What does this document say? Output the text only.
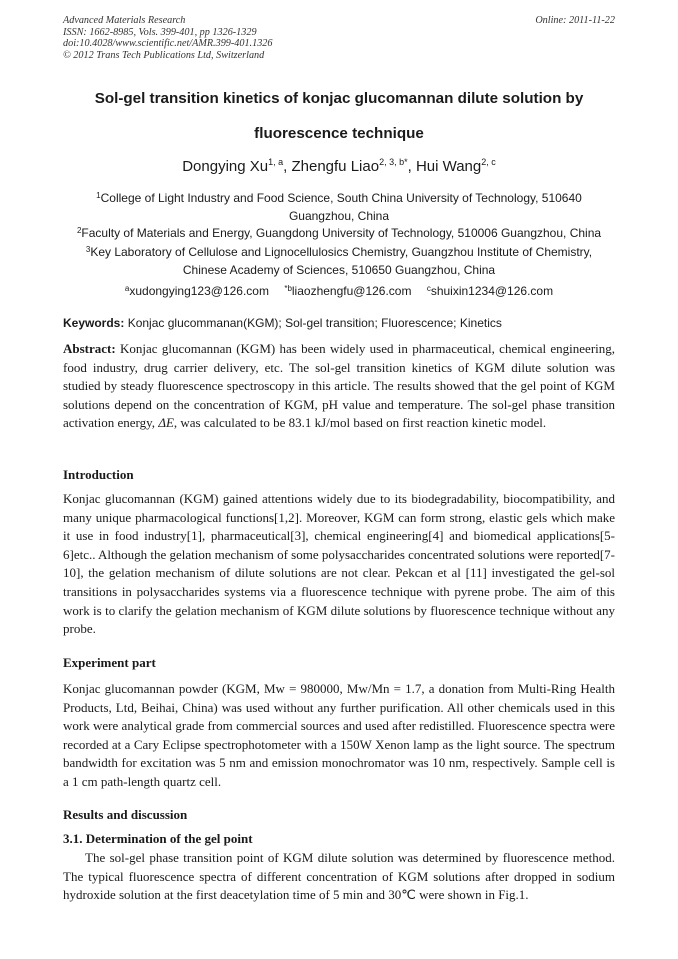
Advanced Materials Research
ISSN: 1662-8985, Vols. 399-401, pp 1326-1329
doi:10.4028/www.scientific.net/AMR.399-401.1326
© 2012 Trans Tech Publications Ltd, Switzerland
Online: 2011-11-22
Sol-gel transition kinetics of konjac glucomannan dilute solution by
fluorescence technique
Dongying Xu$^{1, a}$, Zhengfu Liao$^{2, 3, b*}$, Hui Wang$^{2, c}$
$^1$College of Light Industry and Food Science, South China University of Technology, 510640
Guangzhou, China
$^2$Faculty of Materials and Energy, Guangdong University of Technology, 510006 Guangzhou, China
$^3$Key Laboratory of Cellulose and Lignocellulosics Chemistry, Guangzhou Institute of Chemistry,
Chinese Academy of Sciences, 510650 Guangzhou, China
$^a$xudongying123@126.com $^{*b}$liaozhengfu@126.com $^c$shuixin1234@126.com
Keywords: Konjac glucommanan(KGM); Sol-gel transition; Fluorescence; Kinetics
Abstract: Konjac glucomannan (KGM) has been widely used in pharmaceutical, chemical engineering, food industry, drug carrier delivery, etc. The sol-gel transition kinetics of KGM dilute solution was studied by steady fluorescence spectroscopy in this article. The results showed that the gel point of KGM solutions depend on the concentration of KGM, pH value and temperature. The sol-gel phase transition activation energy, ΔE, was calculated to be 83.1 kJ/mol based on first reaction kinetic model.
Introduction
Konjac glucomannan (KGM) gained attentions widely due to its biodegradability, biocompatibility, and many unique pharmacological functions[1,2]. Moreover, KGM can form strong, elastic gels which make it use in food industry[1], pharmaceutical[3], chemical engineering[4] and biomedical applications[5-6]etc.. Although the gelation mechanism of some polysaccharides concentrated solutions were reported[7-10], the gelation mechanism of dilute solutions are not clear. Pekcan et al [11] investigated the gel-sol transitions in polysaccharides systems via a fluorescence technique with pyrene probe. The aim of this work is to clarify the gelation mechanism of KGM dilute solutions by fluorescence technique without any probe.
Experiment part
Konjac glucomannan powder (KGM, Mw = 980000, Mw/Mn = 1.7, a donation from Multi-Ring Health Products, Ltd, Beihai, China) was used without any further purification. All other chemicals used in this work were analytical grade from commercial sources and used after redistilled. Fluorescence spectra were recorded at a Cary Eclipse spectrophotometer with a 150W Xenon lamp as the light source. The spectrum bandwidth for excitation was 5 nm and emission monochromator was 10 nm, respectively. Sample cell is a 1 cm path-length quartz cell.
Results and discussion
3.1. Determination of the gel point
The sol-gel phase transition point of KGM dilute solution was determined by fluorescence method. The typical fluorescence spectra of different concentration of KGM solutions after dropped in sodium hydroxide solution at the first deacetylation time of 5 min and 30℃ were shown in Fig.1.
